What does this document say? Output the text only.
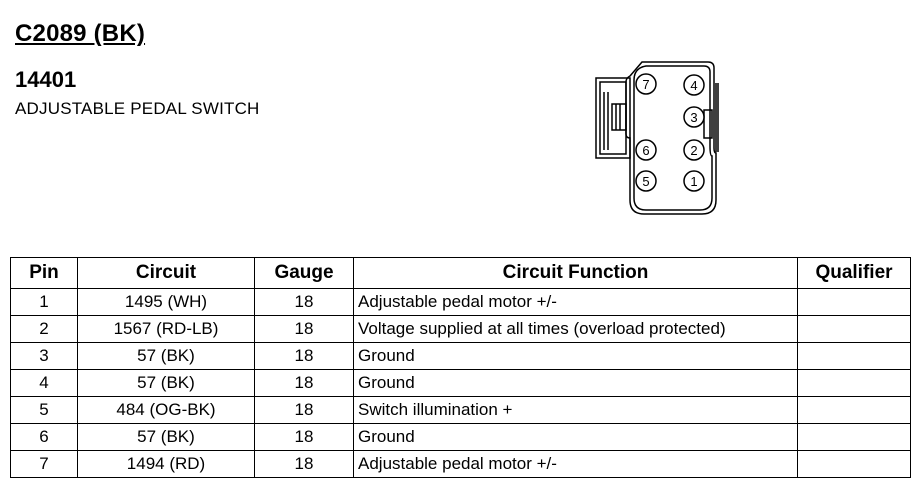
C2089 (BK)
14401

ADJUSTABLE PEDAL SWITCH

7	4
3
6	2
5	1
Pin	Circuit	Gauge	Circuit Function	Qualifier
1	1495 (WH)	18	Adjustable pedal motor +/-	
2	1567 (RD-LB)	18	Voltage supplied at all times (overload protected)	
3	57 (BK)	18	Ground	
4	57 (BK)	18	Ground	
5	484 (OG-BK)	18	Switch illumination +	
6	57 (BK)	18	Ground	
7	1494 (RD)	18	Adjustable pedal motor +/-	
